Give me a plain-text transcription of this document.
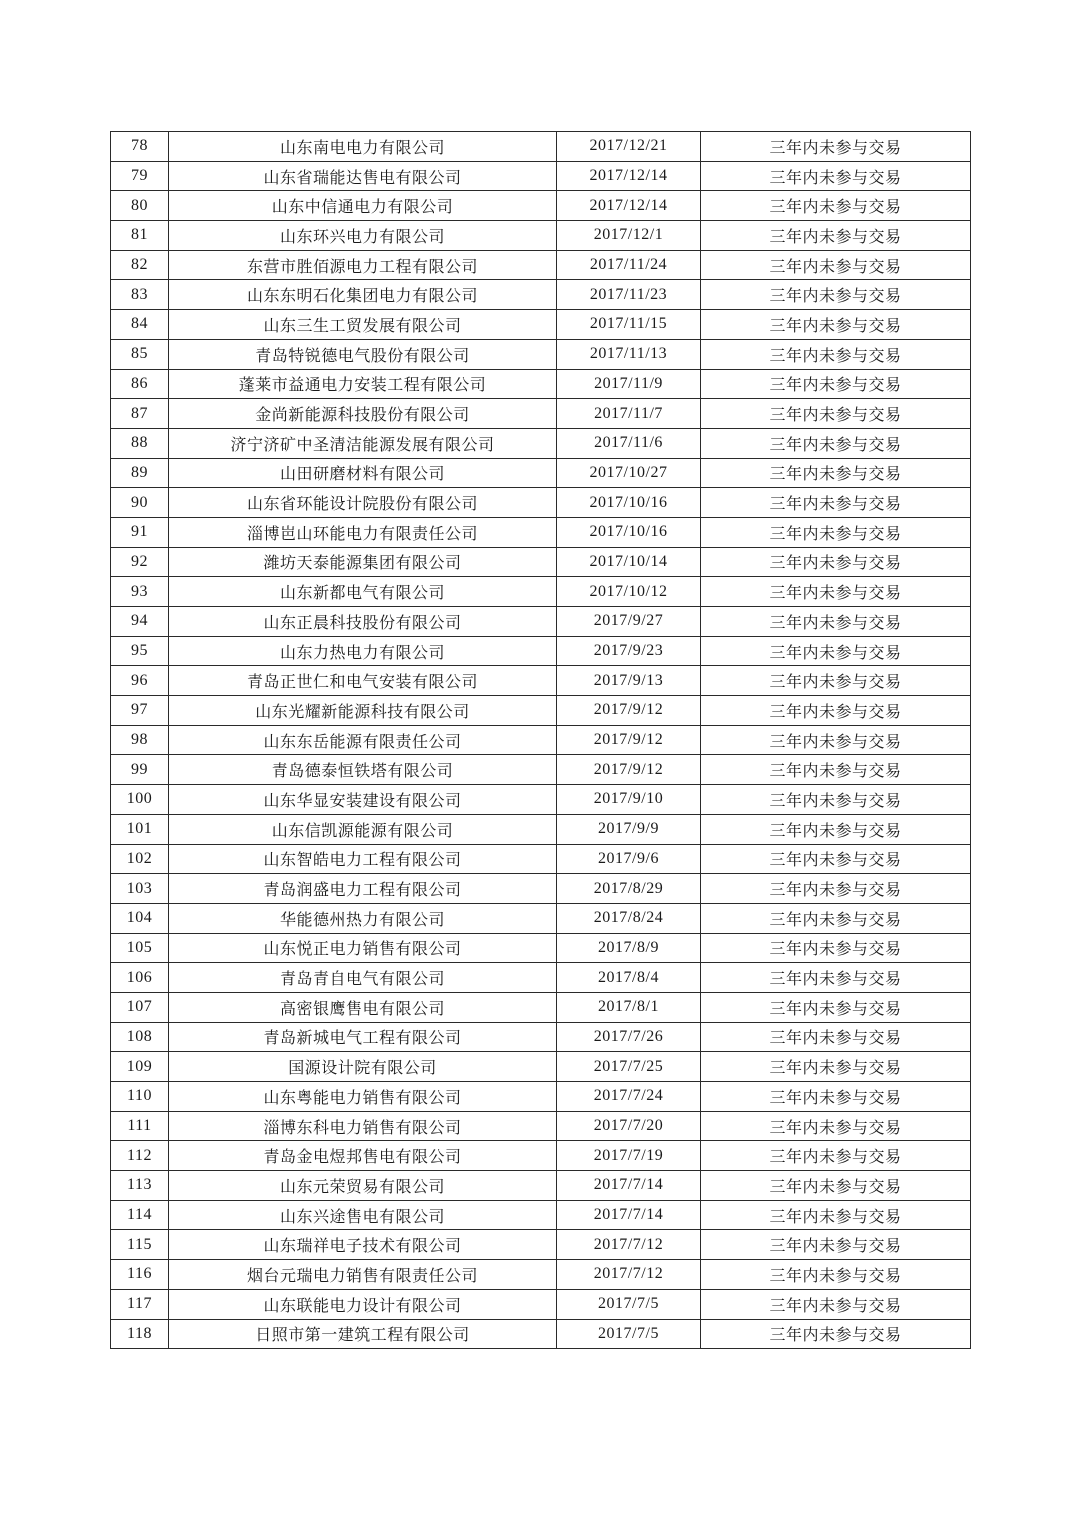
78	山东南电电力有限公司	2017/12/21	三年内未参与交易
79	山东省瑞能达售电有限公司	2017/12/14	三年内未参与交易
80	山东中信通电力有限公司	2017/12/14	三年内未参与交易
81	山东环兴电力有限公司	2017/12/1	三年内未参与交易
82	东营市胜佰源电力工程有限公司	2017/11/24	三年内未参与交易
83	山东东明石化集团电力有限公司	2017/11/23	三年内未参与交易
84	山东三生工贸发展有限公司	2017/11/15	三年内未参与交易
85	青岛特锐德电气股份有限公司	2017/11/13	三年内未参与交易
86	蓬莱市益通电力安装工程有限公司	2017/11/9	三年内未参与交易
87	金尚新能源科技股份有限公司	2017/11/7	三年内未参与交易
88	济宁济矿中圣清洁能源发展有限公司	2017/11/6	三年内未参与交易
89	山田研磨材料有限公司	2017/10/27	三年内未参与交易
90	山东省环能设计院股份有限公司	2017/10/16	三年内未参与交易
91	淄博岜山环能电力有限责任公司	2017/10/16	三年内未参与交易
92	潍坊天泰能源集团有限公司	2017/10/14	三年内未参与交易
93	山东新都电气有限公司	2017/10/12	三年内未参与交易
94	山东正晨科技股份有限公司	2017/9/27	三年内未参与交易
95	山东力热电力有限公司	2017/9/23	三年内未参与交易
96	青岛正世仁和电气安装有限公司	2017/9/13	三年内未参与交易
97	山东光耀新能源科技有限公司	2017/9/12	三年内未参与交易
98	山东东岳能源有限责任公司	2017/9/12	三年内未参与交易
99	青岛德泰恒铁塔有限公司	2017/9/12	三年内未参与交易
100	山东华显安装建设有限公司	2017/9/10	三年内未参与交易
101	山东信凯源能源有限公司	2017/9/9	三年内未参与交易
102	山东智皓电力工程有限公司	2017/9/6	三年内未参与交易
103	青岛润盛电力工程有限公司	2017/8/29	三年内未参与交易
104	华能德州热力有限公司	2017/8/24	三年内未参与交易
105	山东悦正电力销售有限公司	2017/8/9	三年内未参与交易
106	青岛青自电气有限公司	2017/8/4	三年内未参与交易
107	高密银鹰售电有限公司	2017/8/1	三年内未参与交易
108	青岛新城电气工程有限公司	2017/7/26	三年内未参与交易
109	国源设计院有限公司	2017/7/25	三年内未参与交易
110	山东粤能电力销售有限公司	2017/7/24	三年内未参与交易
111	淄博东科电力销售有限公司	2017/7/20	三年内未参与交易
112	青岛金电煜邦售电有限公司	2017/7/19	三年内未参与交易
113	山东元荣贸易有限公司	2017/7/14	三年内未参与交易
114	山东兴途售电有限公司	2017/7/14	三年内未参与交易
115	山东瑞祥电子技术有限公司	2017/7/12	三年内未参与交易
116	烟台元瑞电力销售有限责任公司	2017/7/12	三年内未参与交易
117	山东联能电力设计有限公司	2017/7/5	三年内未参与交易
118	日照市第一建筑工程有限公司	2017/7/5	三年内未参与交易
